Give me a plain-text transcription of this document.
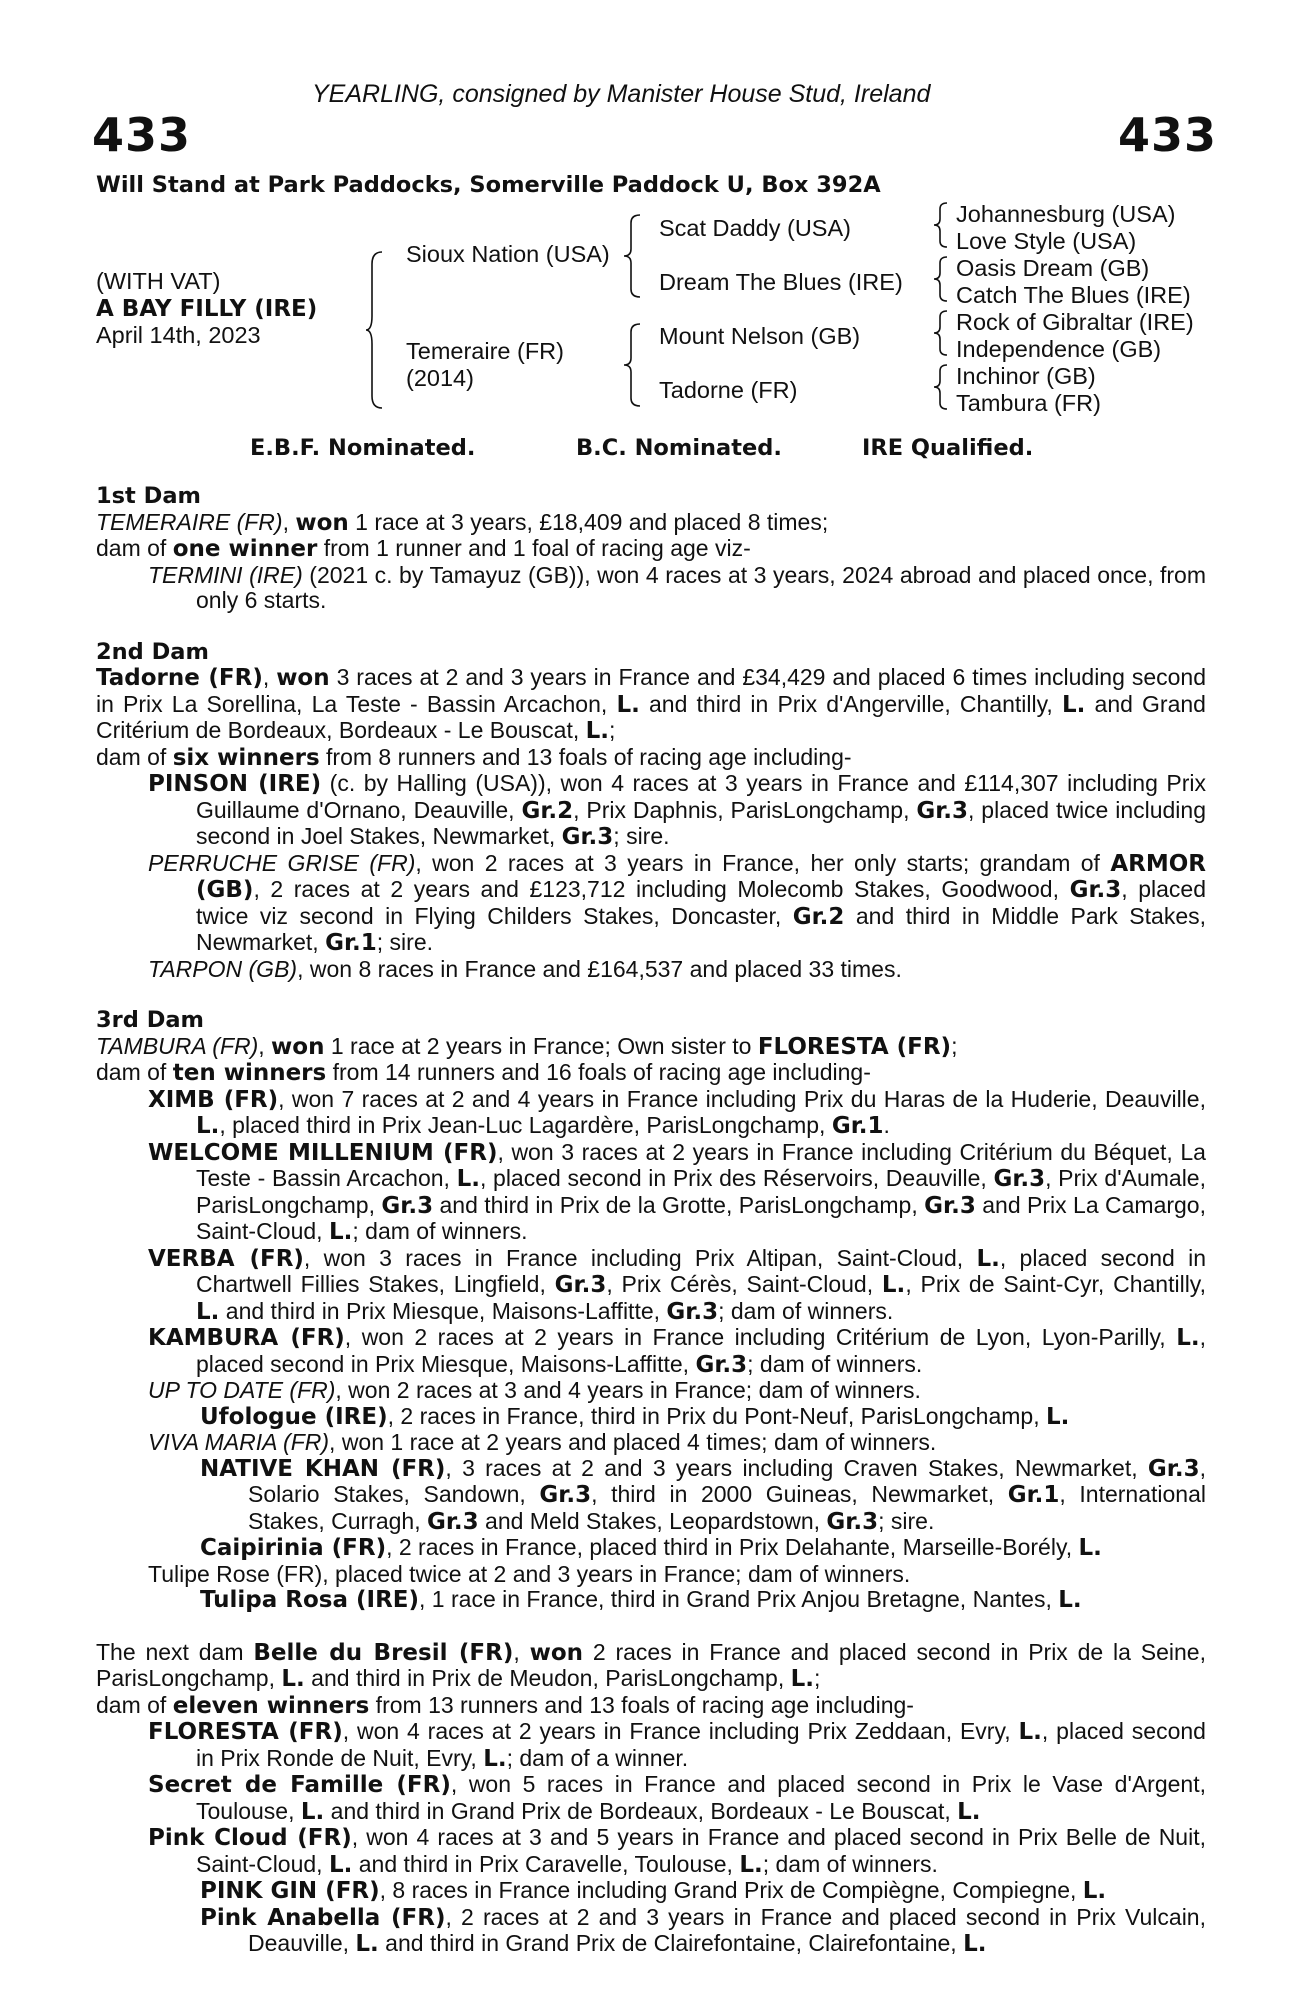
YEARLING, consigned by Manister House Stud, Ireland
433	433
Will Stand at Park Paddocks, Somerville Paddock U, Box 392A
(WITH VAT)
A BAY FILLY (IRE)
April 14th, 2023
Sioux Nation (USA)
Temeraire (FR)
(2014)
Scat Daddy (USA)
Dream The Blues (IRE)
Mount Nelson (GB)
Tadorne (FR)
Johannesburg (USA)
Love Style (USA)
Oasis Dream (GB)
Catch The Blues (IRE)
Rock of Gibraltar (IRE)
Independence (GB)
Inchinor (GB)
Tambura (FR)
E.B.F. Nominated.	B.C. Nominated.	IRE Qualified.

1st Dam

TEMERAIRE (FR), won 1 race at 3 years, £18,409 and placed 8 times;

dam of one winner from 1 runner and 1 foal of racing age viz-

TERMINI (IRE) (2021 c. by Tamayuz (GB)), won 4 races at 3 years, 2024 abroad and placed once, from only 6 starts.

2nd Dam

Tadorne (FR), won 3 races at 2 and 3 years in France and £34,429 and placed 6 times including second in Prix La Sorellina, La Teste - Bassin Arcachon, L. and third in Prix d'Angerville, Chantilly, L. and Grand Critérium de Bordeaux, Bordeaux - Le Bouscat, L.;

dam of six winners from 8 runners and 13 foals of racing age including-

PINSON (IRE) (c. by Halling (USA)), won 4 races at 3 years in France and £114,307 including Prix Guillaume d'Ornano, Deauville, Gr.2, Prix Daphnis, ParisLongchamp, Gr.3, placed twice including second in Joel Stakes, Newmarket, Gr.3; sire.

PERRUCHE GRISE (FR), won 2 races at 3 years in France, her only starts; grandam of ARMOR (GB), 2 races at 2 years and £123,712 including Molecomb Stakes, Goodwood, Gr.3, placed twice viz second in Flying Childers Stakes, Doncaster, Gr.2 and third in Middle Park Stakes, Newmarket, Gr.1; sire.

TARPON (GB), won 8 races in France and £164,537 and placed 33 times.

3rd Dam

TAMBURA (FR), won 1 race at 2 years in France; Own sister to FLORESTA (FR);

dam of ten winners from 14 runners and 16 foals of racing age including-

XIMB (FR), won 7 races at 2 and 4 years in France including Prix du Haras de la Huderie, Deauville, L., placed third in Prix Jean-Luc Lagardère, ParisLongchamp, Gr.1.

WELCOME MILLENIUM (FR), won 3 races at 2 years in France including Critérium du Béquet, La Teste - Bassin Arcachon, L., placed second in Prix des Réservoirs, Deauville, Gr.3, Prix d'Aumale, ParisLongchamp, Gr.3 and third in Prix de la Grotte, ParisLongchamp, Gr.3 and Prix La Camargo, Saint-Cloud, L.; dam of winners.

VERBA (FR), won 3 races in France including Prix Altipan, Saint-Cloud, L., placed second in Chartwell Fillies Stakes, Lingfield, Gr.3, Prix Cérès, Saint-Cloud, L., Prix de Saint-Cyr, Chantilly, L. and third in Prix Miesque, Maisons-Laffitte, Gr.3; dam of winners.

KAMBURA (FR), won 2 races at 2 years in France including Critérium de Lyon, Lyon-Parilly, L., placed second in Prix Miesque, Maisons-Laffitte, Gr.3; dam of winners.

UP TO DATE (FR), won 2 races at 3 and 4 years in France; dam of winners.

Ufologue (IRE), 2 races in France, third in Prix du Pont-Neuf, ParisLongchamp, L.

VIVA MARIA (FR), won 1 race at 2 years and placed 4 times; dam of winners.

NATIVE KHAN (FR), 3 races at 2 and 3 years including Craven Stakes, Newmarket, Gr.3, Solario Stakes, Sandown, Gr.3, third in 2000 Guineas, Newmarket, Gr.1, International Stakes, Curragh, Gr.3 and Meld Stakes, Leopardstown, Gr.3; sire.

Caipirinia (FR), 2 races in France, placed third in Prix Delahante, Marseille-Borély, L.

Tulipe Rose (FR), placed twice at 2 and 3 years in France; dam of winners.

Tulipa Rosa (IRE), 1 race in France, third in Grand Prix Anjou Bretagne, Nantes, L.

The next dam Belle du Bresil (FR), won 2 races in France and placed second in Prix de la Seine, ParisLongchamp, L. and third in Prix de Meudon, ParisLongchamp, L.;

dam of eleven winners from 13 runners and 13 foals of racing age including-

FLORESTA (FR), won 4 races at 2 years in France including Prix Zeddaan, Evry, L., placed second in Prix Ronde de Nuit, Evry, L.; dam of a winner.

Secret de Famille (FR), won 5 races in France and placed second in Prix le Vase d'Argent, Toulouse, L. and third in Grand Prix de Bordeaux, Bordeaux - Le Bouscat, L.

Pink Cloud (FR), won 4 races at 3 and 5 years in France and placed second in Prix Belle de Nuit, Saint-Cloud, L. and third in Prix Caravelle, Toulouse, L.; dam of winners.

PINK GIN (FR), 8 races in France including Grand Prix de Compiègne, Compiegne, L.

Pink Anabella (FR), 2 races at 2 and 3 years in France and placed second in Prix Vulcain, Deauville, L. and third in Grand Prix de Clairefontaine, Clairefontaine, L.
